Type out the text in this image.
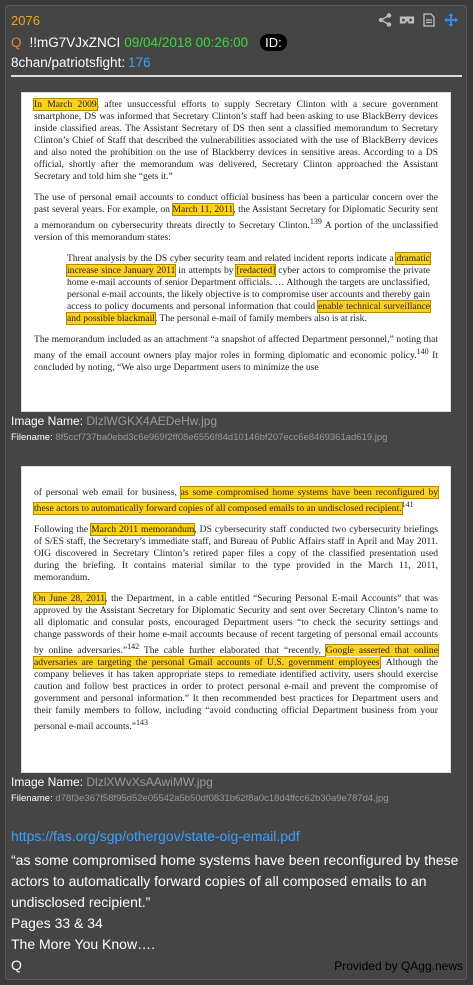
2076
Q !!mG7VJxZNCI 09/04/2018 00:26:00	ID:
8chan/patriotsfight: 176

In March 2009, after unsuccessful efforts to supply Secretary Clinton with a secure government smartphone, DS was informed that Secretary Clinton’s staff had been asking to use BlackBerry devices inside classified areas. The Assistant Secretary of DS then sent a classified memorandum to Secretary Clinton’s Chief of Staff that described the vulnerabilities associated with the use of BlackBerry devices and also noted the prohibition on the use of Blackberry devices in sensitive areas. According to a DS official, shortly after the memorandum was delivered, Secretary Clinton approached the Assistant Secretary and told him she “gets it.”

The use of personal email accounts to conduct official business has been a particular concern over the past several years. For example, on March 11, 2011, the Assistant Secretary for Diplomatic Security sent a memorandum on cybersecurity threats directly to Secretary Clinton.$^{139}$ A portion of the unclassified version of this memorandum states:

Threat analysis by the DS cyber security team and related incident reports indicate a dramatic increase since January 2011 in attempts by [redacted] cyber actors to compromise the private home e-mail accounts of senior Department officials. … Although the targets are unclassified, personal e-mail accounts, the likely objective is to compromise user accounts and thereby gain access to policy documents and personal information that could enable technical surveillance and possible blackmail. The personal e-mail of family members also is at risk.

The memorandum included as an attachment “a snapshot of affected Department personnel,” noting that many of the email account owners play major roles in forming diplomatic and economic policy.$^{140}$ It concluded by noting, “We also urge Department users to minimize the use

Image Name: DlzlWGKX4AEDeHw.jpg
Filename: 8f5ccf737ba0ebd3c6e969f2ff08e6556f84d10146bf207ecc6e8469361ad619.jpg

of personal web email for business, as some compromised home systems have been reconfigured by these actors to automatically forward copies of all composed emails to an undisclosed recipient.$^{141}$

Following the March 2011 memorandum, DS cybersecurity staff conducted two cybersecurity briefings of S/ES staff, the Secretary’s immediate staff, and Bureau of Public Affairs staff in April and May 2011. OIG discovered in Secretary Clinton’s retired paper files a copy of the classified presentation used during the briefing. It contains material similar to the type provided in the March 11, 2011, memorandum.

On June 28, 2011, the Department, in a cable entitled “Securing Personal E-mail Accounts” that was approved by the Assistant Secretary for Diplomatic Security and sent over Secretary Clinton’s name to all diplomatic and consular posts, encouraged Department users “to check the security settings and change passwords of their home e-mail accounts because of recent targeting of personal email accounts by online adversaries.”$^{142}$ The cable further elaborated that “recently, Google asserted that online adversaries are targeting the personal Gmail accounts of U.S. government employees. Although the company believes it has taken appropriate steps to remediate identified activity, users should exercise caution and follow best practices in order to protect personal e-mail and prevent the compromise of government and personal information.” It then recommended best practices for Department users and their family members to follow, including “avoid conducting official Department business from your personal e-mail accounts.”$^{143}$

Image Name: DlzlXWvXsAAwiMW.jpg
Filename: d78f3e367f58f95d52e05542a5b50df0831b62f8a0c18d4ffcc62b30a9e787d4.jpg
https://fas.org/sgp/othergov/state-oig-email.pdf
“as some compromised home systems have been reconfigured by these actors to automatically forward copies of all composed emails to an undisclosed recipient.”
Pages 33 & 34
The More You Know….
Q	Provided by QAgg.news
